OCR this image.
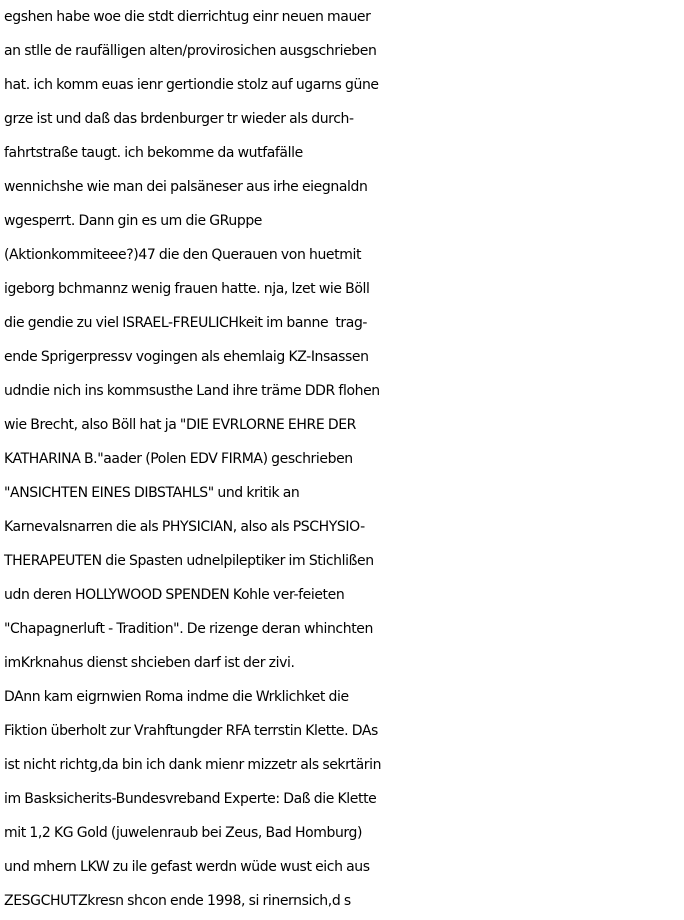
egshen habe woe die stdt dierrichtug einr neuen mauer
an stlle de raufälligen alten/provirosichen ausgschrieben
hat. ich komm euas ienr gertiondie stolz auf ugarns güne
grze ist und daß das brdenburger tr wieder als durch-
fahrtstraße taugt. ich bekomme da wutfafälle
wennichshe wie man dei palsäneser aus irhe eiegnaldn
wgesperrt. Dann gin es um die GRuppe
(Aktionkommiteee?)47 die den Querauen von huetmit
igeborg bchmannz wenig frauen hatte. nja, lzet wie Böll
die gendie zu viel ISRAEL-FREULICHkeit im banne  trag-
ende Sprigerpressv vogingen als ehemlaig KZ-Insassen
udndie nich ins kommsusthe Land ihre träme DDR flohen
wie Brecht, also Böll hat ja "DIE EVRLORNE EHRE DER
KATHARINA B."aader (Polen EDV FIRMA) geschrieben
"ANSICHTEN EINES DIBSTAHLS" und kritik an
Karnevalsnarren die als PHYSICIAN, also als PSCHYSIO-
THERAPEUTEN die Spasten udnelpileptiker im Stichlißen
udn deren HOLLYWOOD SPENDEN Kohle ver-feieten
"Chapagnerluft - Tradition". De rizenge deran whinchten
imKrknahus dienst shcieben darf ist der zivi.
DAnn kam eigrnwien Roma indme die Wrklichket die
Fiktion überholt zur Vrahftungder RFA terrstin Klette. DAs
ist nicht richtg,da bin ich dank mienr mizzetr als sekrtärin
im Basksicherits-Bundesvreband Experte: Daß die Klette
mit 1,2 KG Gold (juwelenraub bei Zeus, Bad Homburg)
und mhern LKW zu ile gefast werdn wüde wust eich aus
ZESGCHUTZkresn shcon ende 1998, si rinernsich,d s
